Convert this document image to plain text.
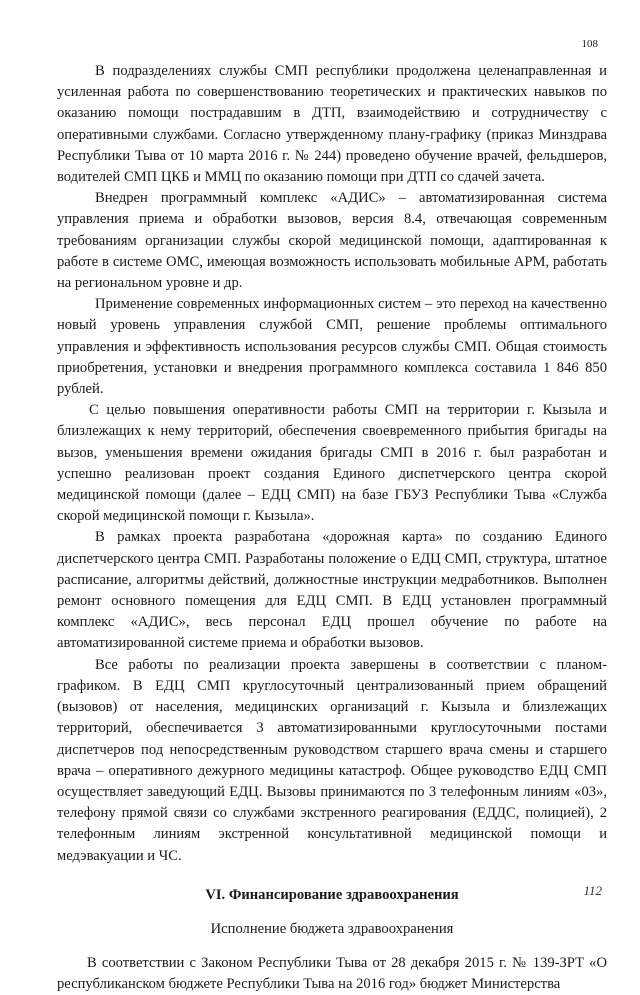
108

В подразделениях службы СМП республики продолжена целенаправленная и усиленная работа по совершенствованию теоретических и практических навыков по оказанию помощи пострадавшим в ДТП, взаимодействию и сотрудничеству с оперативными службами. Согласно утвержденному плану-графику (приказ Минздрава Республики Тыва от 10 марта 2016 г. № 244) проведено обучение врачей, фельдшеров, водителей СМП ЦКБ и ММЦ по оказанию помощи при ДТП со сдачей зачета.

Внедрен программный комплекс «АДИС» – автоматизированная система управления приема и обработки вызовов, версия 8.4, отвечающая современным требованиям организации службы скорой медицинской помощи, адаптированная к работе в системе ОМС, имеющая возможность использовать мобильные АРМ, работать на региональном уровне и др.

Применение современных информационных систем – это переход на качественно новый уровень управления службой СМП, решение проблемы оптимального управления и эффективность использования ресурсов службы СМП. Общая стоимость приобретения, установки и внедрения программного комплекса составила 1 846 850 рублей.

С целью повышения оперативности работы СМП на территории г. Кызыла и близлежащих к нему территорий, обеспечения своевременного прибытия бригады на вызов, уменьшения времени ожидания бригады СМП в 2016 г. был разработан и успешно реализован проект создания Единого диспетчерского центра скорой медицинской помощи (далее – ЕДЦ СМП) на базе ГБУЗ Республики Тыва «Служба скорой медицинской помощи г. Кызыла».

В рамках проекта разработана «дорожная карта» по созданию Единого диспетчерского центра СМП. Разработаны положение о ЕДЦ СМП, структура, штатное расписание, алгоритмы действий, должностные инструкции медработников. Выполнен ремонт основного помещения для ЕДЦ СМП. В ЕДЦ установлен программный комплекс «АДИС», весь персонал ЕДЦ прошел обучение по работе на автоматизированной системе приема и обработки вызовов.

Все работы по реализации проекта завершены в соответствии с планом-графиком. В ЕДЦ СМП круглосуточный централизованный прием обращений (вызовов) от населения, медицинских организаций г. Кызыла и близлежащих территорий, обеспечивается 3 автоматизированными круглосуточными постами диспетчеров под непосредственным руководством старшего врача смены и старшего врача – оперативного дежурного медицины катастроф. Общее руководство ЕДЦ СМП осуществляет заведующий ЕДЦ. Вызовы принимаются по 3 телефонным линиям «03», телефону прямой связи со службами экстренного реагирования (ЕДДС, полицией), 2 телефонным линиям экстренной консультативной медицинской помощи и медэвакуации и ЧС.

VI. Финансирование здравоохранения
Исполнение бюджета здравоохранения

В соответствии с Законом Республики Тыва от 28 декабря 2015 г. № 139-ЗРТ «О республиканском бюджете Республики Тыва на 2016 год» бюджет Министерства

112
